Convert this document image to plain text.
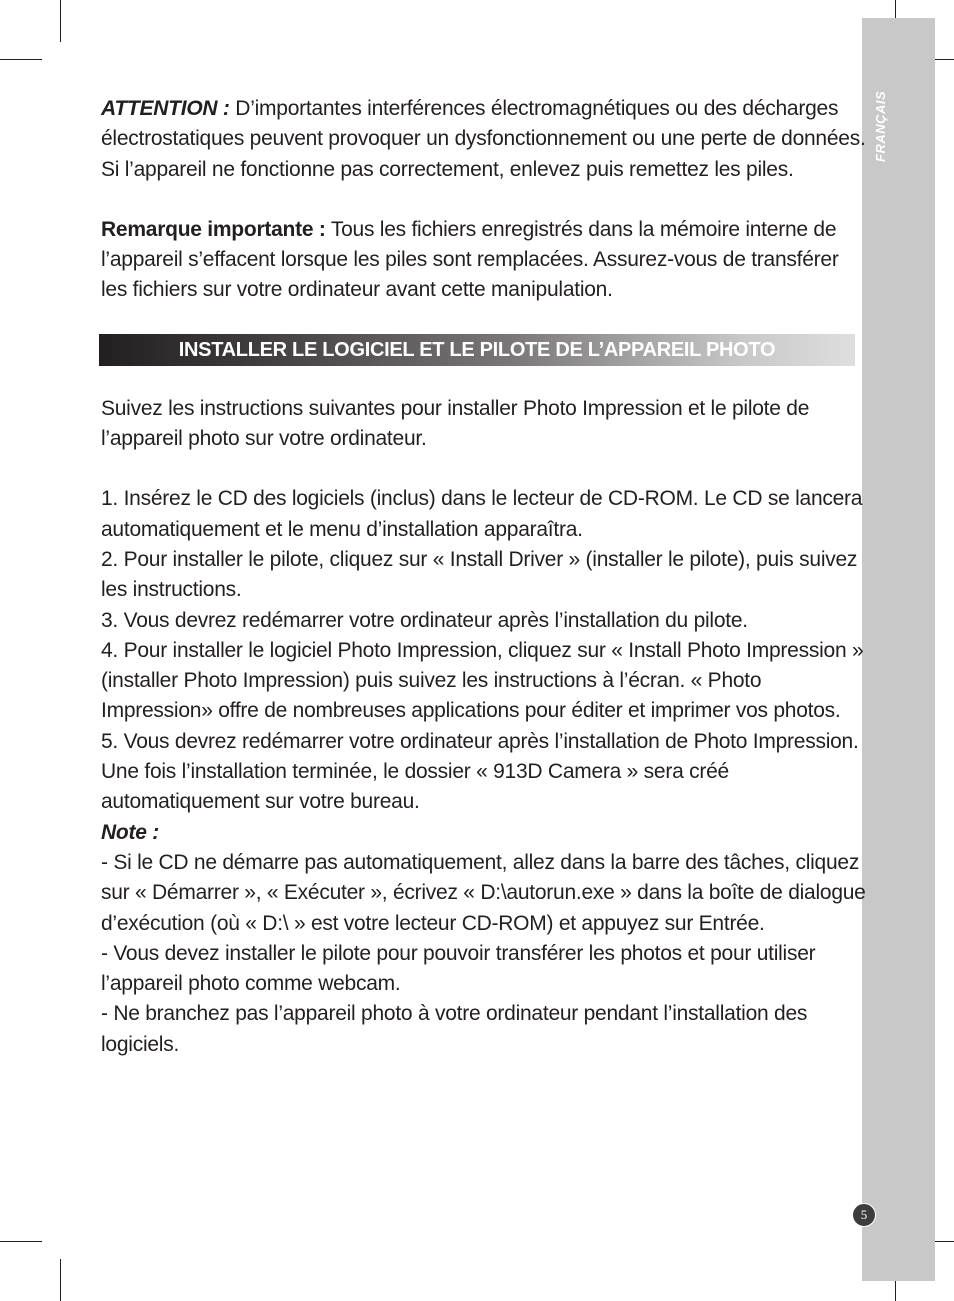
FRANÇAIS

ATTENTION : D’importantes interférences électromagnétiques ou des décharges électrostatiques peuvent provoquer un dysfonctionnement ou une perte de données. Si l’appareil ne fonctionne pas correctement, enlevez puis remettez les piles.

Remarque importante : Tous les fichiers enregistrés dans la mémoire interne de l’appareil s’effacent lorsque les piles sont remplacées. Assurez-vous de transférer les fichiers sur votre ordinateur avant cette manipulation.

INSTALLER LE LOGICIEL ET LE PILOTE DE L’APPAREIL PHOTO

Suivez les instructions suivantes pour installer Photo Impression et le pilote de l’appareil photo sur votre ordinateur.

1. Insérez le CD des logiciels (inclus) dans le lecteur de CD-ROM. Le CD se lancera automatiquement et le menu d’installation apparaîtra.

2. Pour installer le pilote, cliquez sur « Install Driver » (installer le pilote), puis suivez les instructions.

3. Vous devrez redémarrer votre ordinateur après l’installation du pilote.

4. Pour installer le logiciel Photo Impression, cliquez sur « Install Photo Impression » (installer Photo Impression) puis suivez les instructions à l’écran. « Photo Impression» offre de nombreuses applications pour éditer et imprimer vos photos.

5. Vous devrez redémarrer votre ordinateur après l’installation de Photo Impression. Une fois l’installation terminée, le dossier « 913D Camera » sera créé automatiquement sur votre bureau.

Note :

- Si le CD ne démarre pas automatiquement, allez dans la barre des tâches, cliquez sur « Démarrer », « Exécuter », écrivez « D:\autorun.exe » dans la boîte de dialogue d’exécution (où « D:\ » est votre lecteur CD-ROM) et appuyez sur Entrée.

- Vous devez installer le pilote pour pouvoir transférer les photos et pour utiliser l’appareil photo comme webcam.

- Ne branchez pas l’appareil photo à votre ordinateur pendant l’installation des logiciels.

5
